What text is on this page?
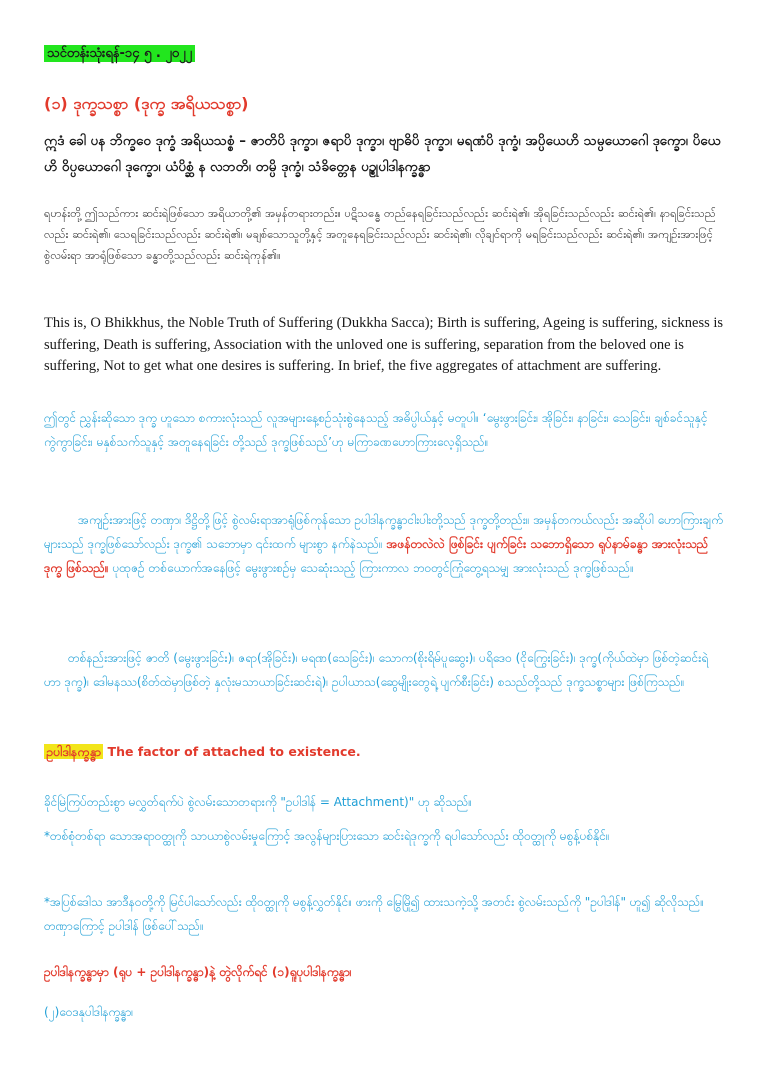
သင်တန်းသုံးရန်-၁၄ ၅ . ၂၀၂၂

(၁) ဒုက္ခသစ္စာ (ဒုက္ခ အရိယသစ္စာ)

ဣဒံ ခေါ ပန ဘိက္ခဝေ ဒုက္ခံ အရိယသစ္စံ – ဇာတိပိ ဒုက္ခာ၊ ဇရာပိ ဒုက္ခာ၊ ဗျာဓိပိ ဒုက္ခာ၊ မရဏံပိ ဒုက္ခံ၊ အပ္ပိယေဟိ သမ္ပယောဂေါ ဒုက္ခော၊ ပိယေဟိ ဝိပ္ပယောဂေါ ဒုက္ခော၊ ယံပိစ္ဆံ န လဘတိ၊ တမ္ပိ ဒုက္ခံ၊ သံခိတ္တေန ပဉ္စုပါဒါနက္ခန္ဓာ

ရဟန်းတို့ ဤသည်ကား ဆင်းရဲဖြစ်သော အရိယာတို့၏ အမှန်တရားတည်း။ ပဋိသန္ဓေ တည်နေရခြင်းသည်လည်း ဆင်းရဲ၏၊ အိုရခြင်းသည်လည်း ဆင်းရဲ၏၊ နာရခြင်းသည်လည်း ဆင်းရဲ၏၊ သေရခြင်းသည်လည်း ဆင်းရဲ၏၊ မချစ်သောသူတို့နှင့် အတူနေရခြင်းသည်လည်း ဆင်းရဲ၏၊ လိုချင်ရာကို မရခြင်းသည်လည်း ဆင်းရဲ၏၊ အကျဉ်းအားဖြင့် စွဲလမ်းရာ အာရုံဖြစ်သော ခန္ဓာတို့သည်လည်း ဆင်းရဲကုန်၏။

This is, O Bhikkhus, the Noble Truth of Suffering (Dukkha Sacca); Birth is suffering, Ageing is suffering, sickness is suffering, Death is suffering, Association with the unloved one is suffering, separation from the beloved one is suffering, Not to get what one desires is suffering. In brief, the five aggregates of attachment are suffering.

ဤတွင် ညွှန်းဆိုသော ဒုက္ခ ဟူသော စကားလုံးသည် လူအများနေ့စဉ်သုံးစွဲနေသည့် အဓိပ္ပါယ်နှင့် မတူပါ။ ‘မွေးဖွားခြင်း၊ အိုခြင်း၊ နာခြင်း၊ သေခြင်း၊ ချစ်ခင်သူနှင့် ကွဲကွာခြင်း၊ မနှစ်သက်သူနှင့် အတူနေရခြင်း တို့သည် ဒုက္ခဖြစ်သည်’ဟု မကြာခဏဟောကြားလေ့ရှိသည်။

အကျဉ်းအားဖြင့် တဏှာ၊ ဒိဋ္ဌိတို့ဖြင့် စွဲလမ်းရာအာရုံဖြစ်ကုန်သော ဥပါဒါနက္ခန္ဓာငါးပါးတို့သည် ဒုက္ခတို့တည်း။ အမှန်တကယ်လည်း အဆိုပါ ဟောကြားချက်များသည် ဒုက္ခဖြစ်သော်လည်း ဒုက္ခ၏ သဘောမှာ ၎င်းထက် များစွာ နက်နဲသည်။ အဖန်တလဲလဲ ဖြစ်ခြင်း ပျက်ခြင်း သဘောရှိသော ရုပ်နာမ်ခန္ဓာ အားလုံးသည် ဒုက္ခ ဖြစ်သည်။ ပုထုဇဉ် တစ်ယောက်အနေဖြင့် မွေးဖွားစဉ်မှ သေဆုံးသည့် ကြားကာလ ဘဝတွင်ကြုံတွေ့ရသမျှ အားလုံးသည် ဒုက္ခဖြစ်သည်။

တစ်နည်းအားဖြင့် ဇာတိ (မွေးဖွားခြင်း)၊ ဇရာ(အိုခြင်း)၊ မရဏ(သေခြင်း)၊ သောက(စိုးရိမ်ပူဆွေး)၊ ပရိဒေဝ (ငိုကြွေးခြင်း)၊ ဒုက္ခ(ကိုယ်ထဲမှာ ဖြစ်တဲ့ဆင်းရဲဟာ ဒုက္ခ)၊ ဒေါမနဿ(စိတ်ထဲမှာဖြစ်တဲ့ နှလုံးမသာယာခြင်းဆင်းရဲ)၊ ဥပါယာသ(ဆွေမျိုးတွေရဲ့ ပျက်စီးခြင်း) စသည်တို့သည် ဒုက္ခသစ္စာများ ဖြစ်ကြသည်။

ဥပါဒါနက္ခန္ဓာ The factor of attached to existence.

ခိုင်မြဲကြပ်တည်းစွာ မလွှတ်ရက်ပဲ စွဲလမ်းသောတရားကို "ဥပါဒါန် = Attachment)" ဟု ဆိုသည်။

*တစ်စုံတစ်ရာ သောအရာဝတ္ထုကို သာယာစွဲလမ်းမှုကြောင့် အလွန်များပြားသော ဆင်းရဲဒုက္ခကို ရပါသော်လည်း ထိုဝတ္ထုကို မစွန့်ပစ်နိုင်။

*အပြစ်ဒေါသ အာဒီနဝတို့ကို မြင်ပါသော်လည်း ထိုဝတ္ထုကို မစွန့်လွှတ်နိုင်။ ဖားကို မြွေမြို၍ ထားသကဲ့သို့ အတင်း စွဲလမ်းသည်ကို "ဥပါဒါန်" ဟူ၍ ဆိုလိုသည်။တဏှာကြောင့် ဥပါဒါန် ဖြစ်ပေါ်သည်။

ဥပါဒါနက္ခန္ဓာမှာ (ရုပ + ဥပါဒါနက္ခန္ဓာ)နဲ့ တွဲလိုက်ရင် (၁)ရူပုပါဒါနက္ခန္ဓာ၊

(၂)ဝေဒနုပါဒါနက္ခန္ဓာ၊
